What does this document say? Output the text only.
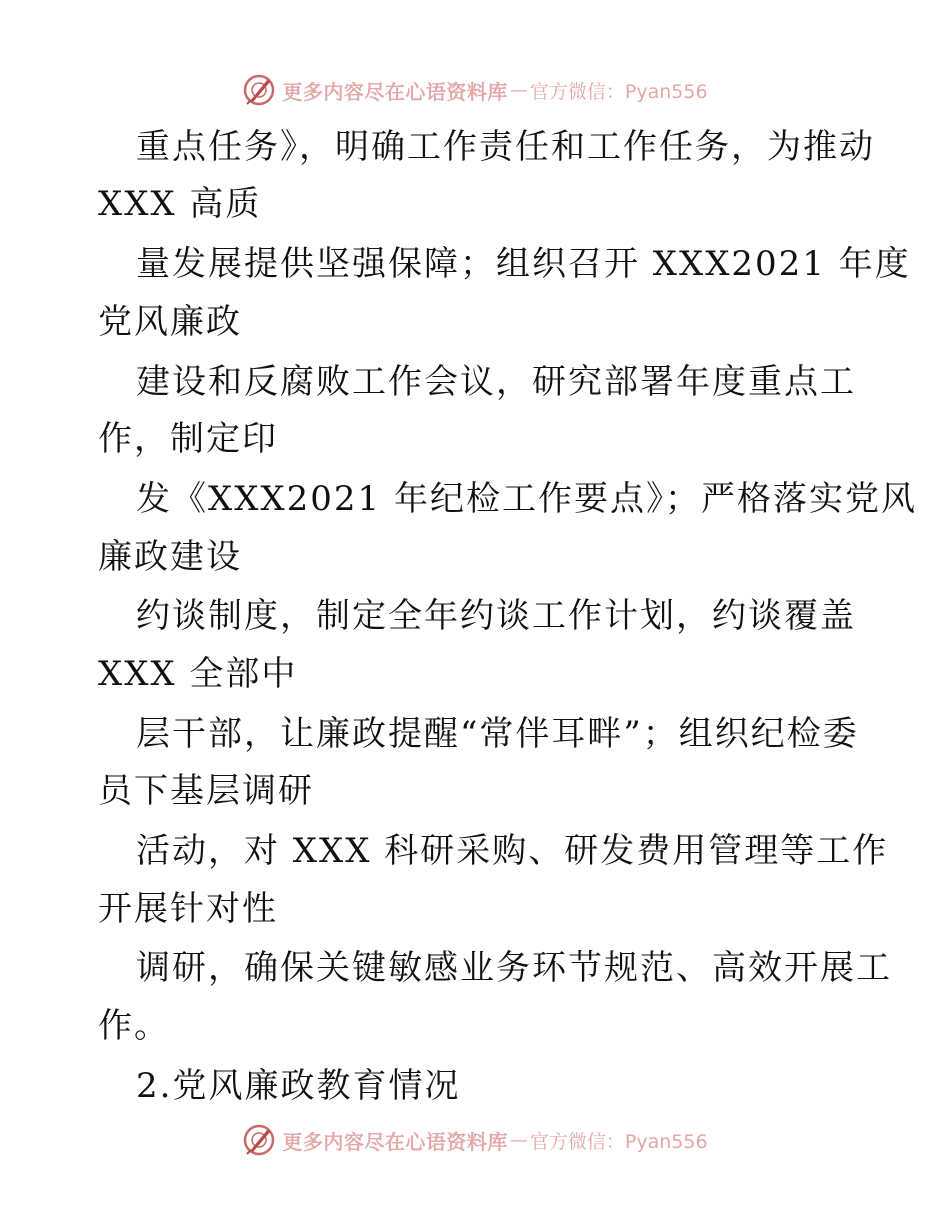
更多内容尽在心语资料库 — 官方微信：Pyan556
重点任务》，明确工作责任和工作任务，为推动
XXX 高质
量发展提供坚强保障；组织召开 XXX2021 年度
党风廉政
建设和反腐败工作会议，研究部署年度重点工
作，制定印
发《XXX2021 年纪检工作要点》；严格落实党风
廉政建设
约谈制度，制定全年约谈工作计划，约谈覆盖
XXX 全部中
层干部，让廉政提醒“常伴耳畔”；组织纪检委
员下基层调研
活动，对 XXX 科研采购、研发费用管理等工作
开展针对性
调研，确保关键敏感业务环节规范、高效开展工
作。
2.党风廉政教育情况
更多内容尽在心语资料库 — 官方微信：Pyan556
